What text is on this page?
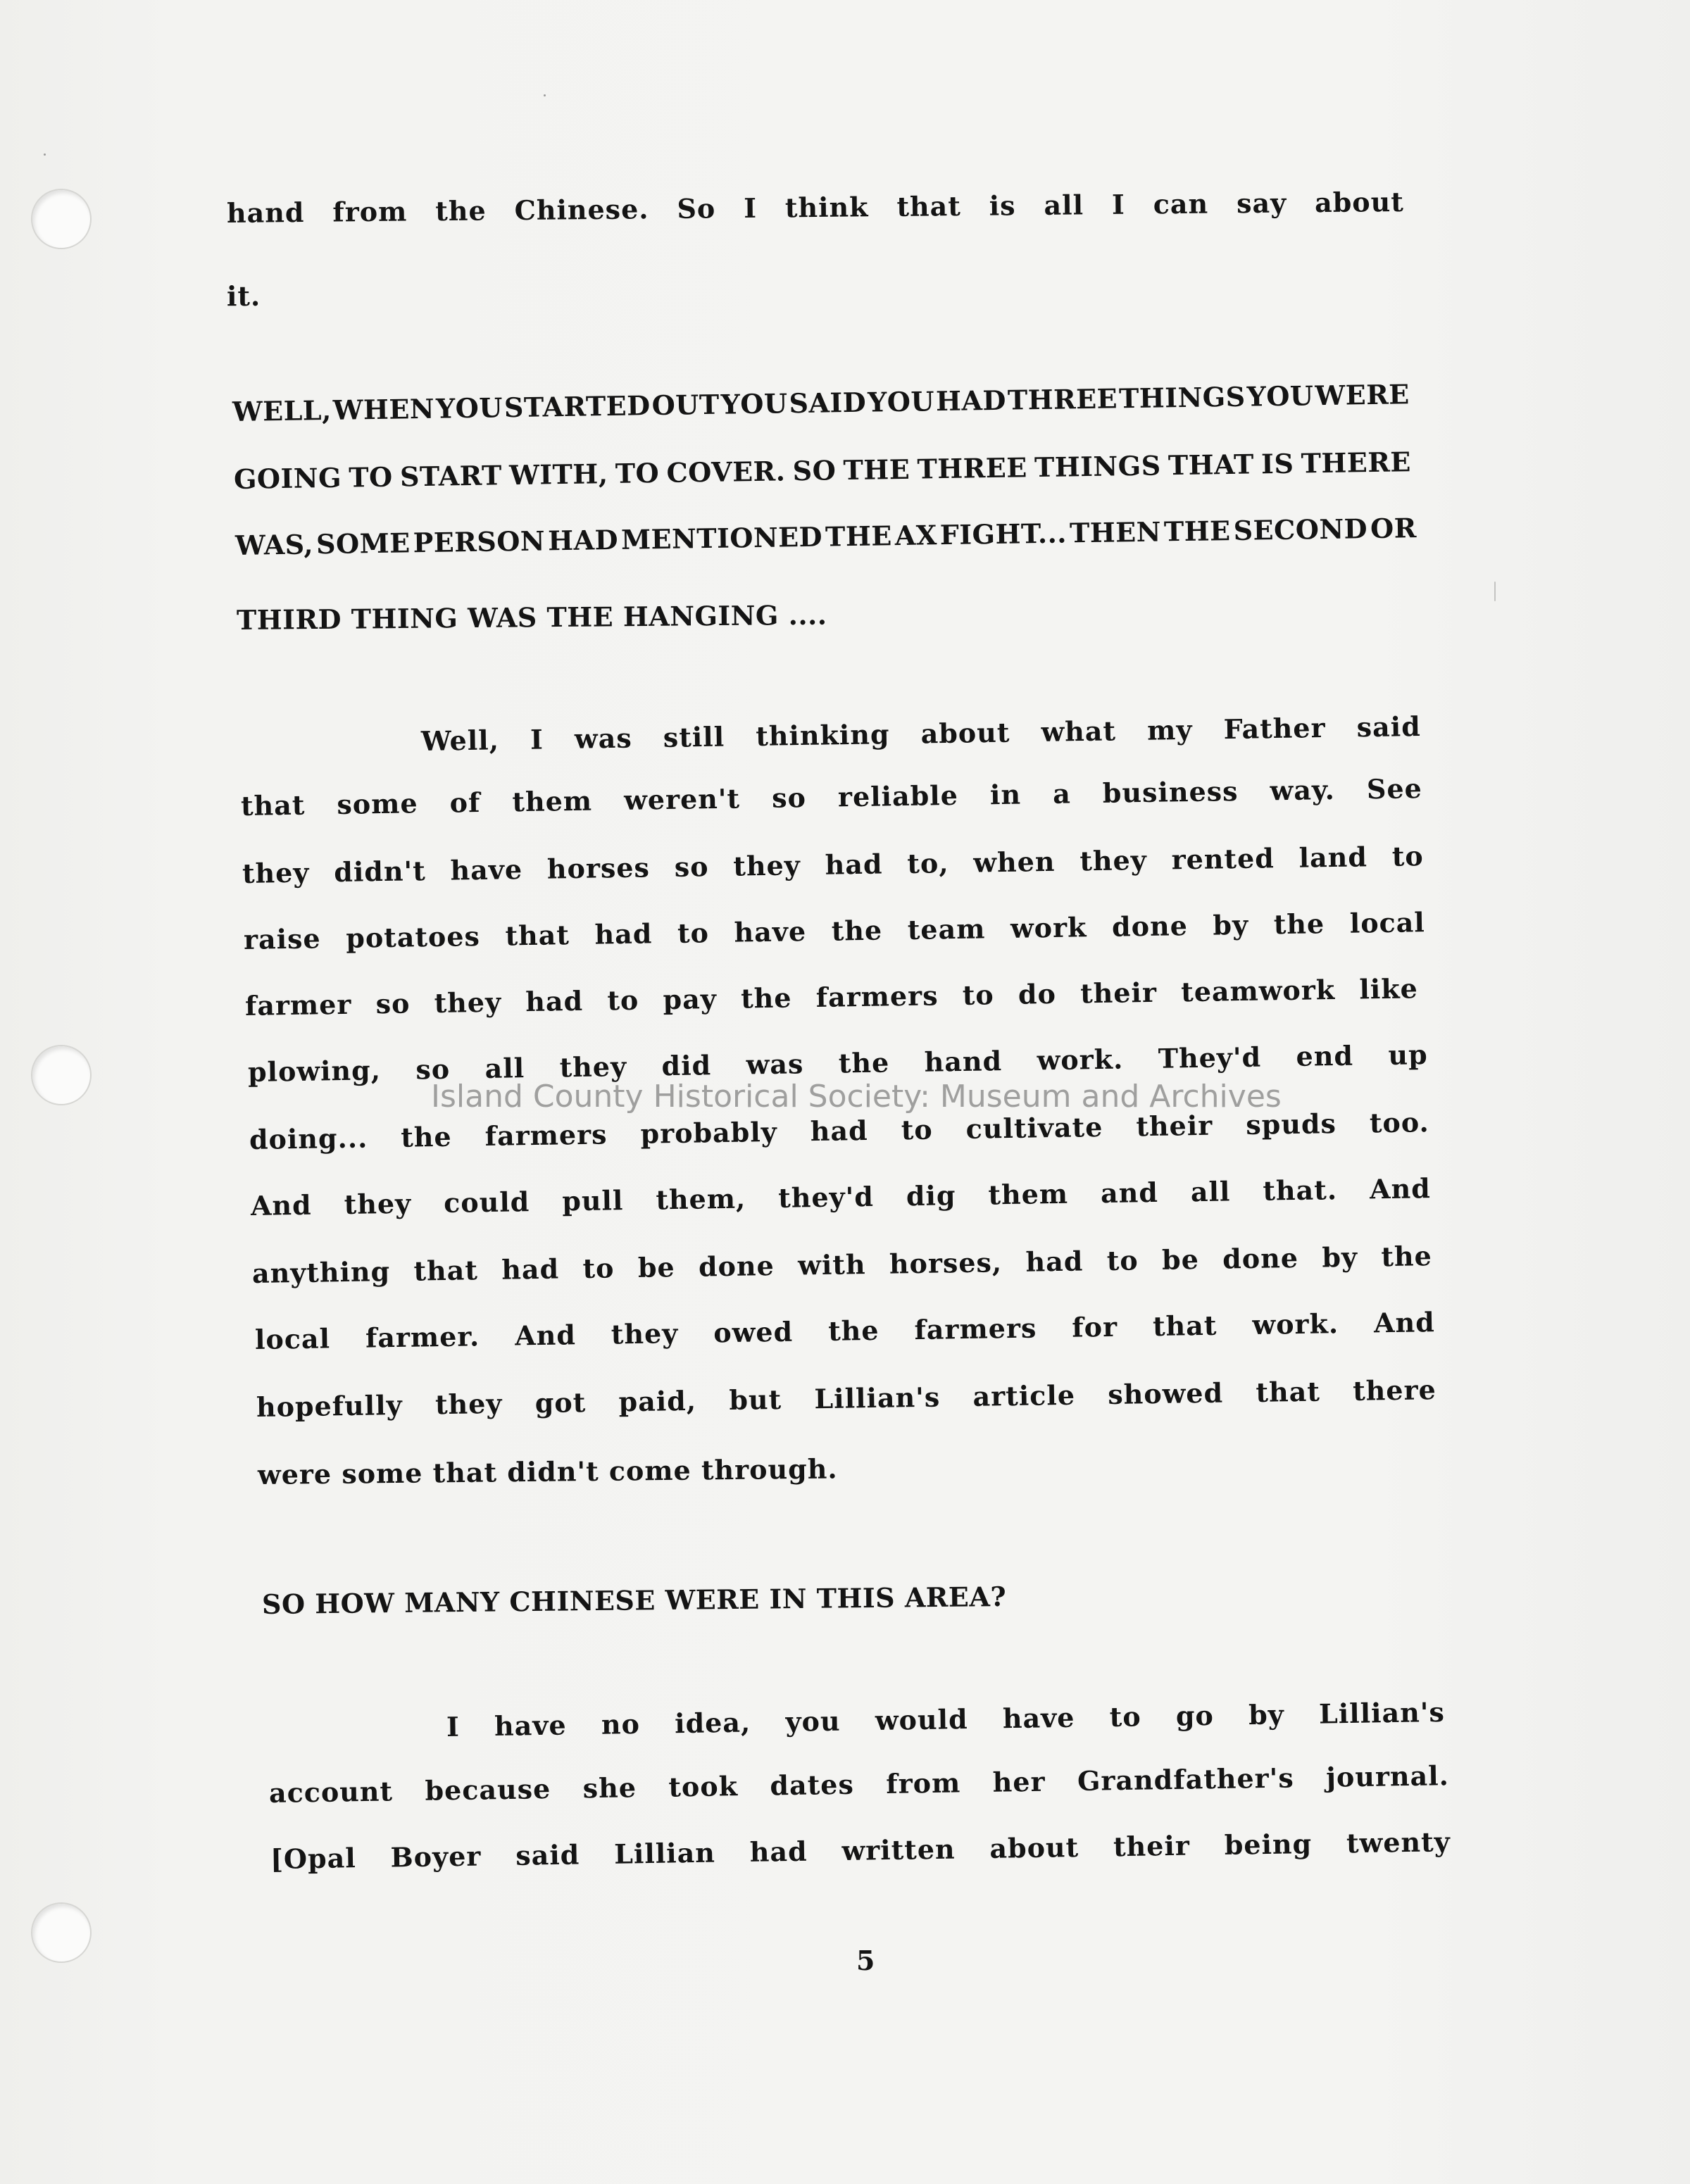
hand from the Chinese. So I think that is all I can say about
it.
WELL, WHEN YOU STARTED OUT YOU SAID YOU HAD THREE THINGS YOU WERE
GOING TO START WITH, TO COVER. SO THE THREE THINGS THAT IS THERE
WAS, SOME PERSON HAD MENTIONED THE AX FIGHT... THEN THE SECOND OR
THIRD THING WAS THE HANGING ....
Well, I was still thinking about what my Father said
that some of them weren't so reliable in a business way. See
they didn't have horses so they had to, when they rented land to
raise potatoes that had to have the team work done by the local
farmer so they had to pay the farmers to do their teamwork like
plowing, so all they did was the hand work. They'd end up
doing... the farmers probably had to cultivate their spuds too.
And they could pull them, they'd dig them and all that. And
anything that had to be done with horses, had to be done by the
local farmer. And they owed the farmers for that work. And
hopefully they got paid, but Lillian's article showed that there
were some that didn't come through.
SO HOW MANY CHINESE WERE IN THIS AREA?
I have no idea, you would have to go by Lillian's
account because she took dates from her Grandfather's journal.
[Opal Boyer said Lillian had written about their being twenty
Island County Historical Society: Museum and Archives
5
